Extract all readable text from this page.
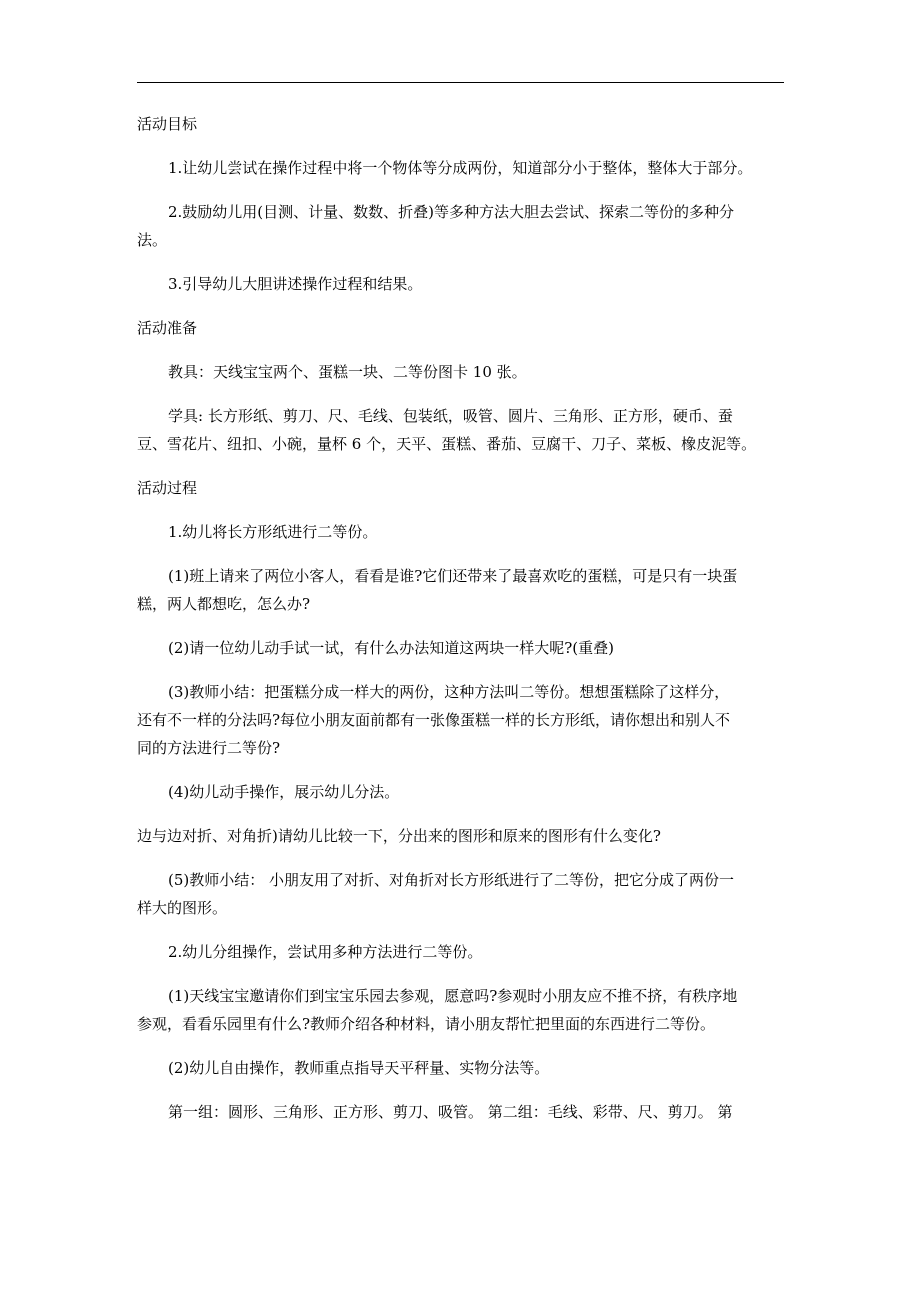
活动目标

1.让幼儿尝试在操作过程中将一个物体等分成两份，知道部分小于整体，整体大于部分。

2.鼓励幼儿用(目测、计量、数数、折叠)等多种方法大胆去尝试、探索二等份的多种分
法。

3.引导幼儿大胆讲述操作过程和结果。

活动准备

教具：天线宝宝两个、蛋糕一块、二等份图卡 10 张。

学具: 长方形纸、剪刀、尺、毛线、包装纸，吸管、圆片、三角形、正方形，硬币、蚕
豆、雪花片、纽扣、小碗，量杯 6 个，天平、蛋糕、番茄、豆腐干、刀子、菜板、橡皮泥等。

活动过程

1.幼儿将长方形纸进行二等份。

(1)班上请来了两位小客人，看看是谁?它们还带来了最喜欢吃的蛋糕，可是只有一块蛋
糕，两人都想吃，怎么办?

(2)请一位幼儿动手试一试，有什么办法知道这两块一样大呢?(重叠)

(3)教师小结：把蛋糕分成一样大的两份，这种方法叫二等份。想想蛋糕除了这样分，
还有不一样的分法吗?每位小朋友面前都有一张像蛋糕一样的长方形纸，请你想出和别人不
同的方法进行二等份?

(4)幼儿动手操作，展示幼儿分法。

边与边对折、对角折)请幼儿比较一下，分出来的图形和原来的图形有什么变化?

(5)教师小结： 小朋友用了对折、对角折对长方形纸进行了二等份，把它分成了两份一
样大的图形。

2.幼儿分组操作，尝试用多种方法进行二等份。

(1)天线宝宝邀请你们到宝宝乐园去参观，愿意吗?参观时小朋友应不推不挤，有秩序地
参观，看看乐园里有什么?教师介绍各种材料，请小朋友帮忙把里面的东西进行二等份。

(2)幼儿自由操作，教师重点指导天平秤量、实物分法等。

第一组：圆形、三角形、正方形、剪刀、吸管。 第二组：毛线、彩带、尺、剪刀。 第
